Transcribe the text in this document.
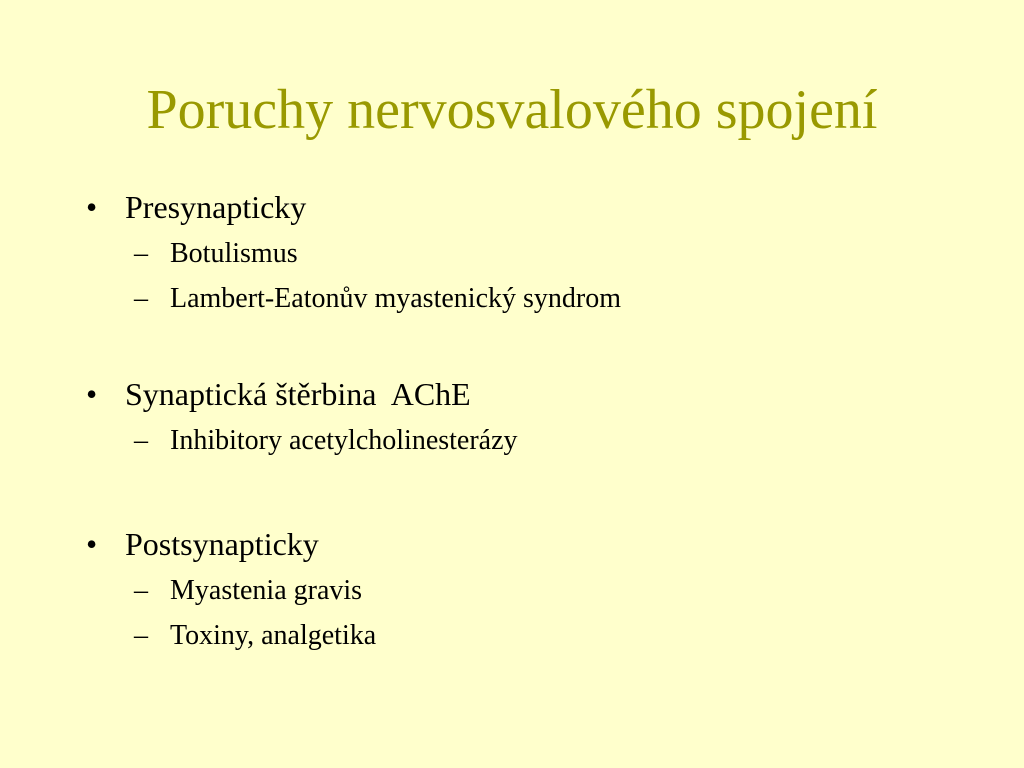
Poruchy nervosvalového spojení
• Presynapticky
– Botulismus
– Lambert-Eatonův myastenický syndrom
• Synaptická štěrbina  AChE
– Inhibitory acetylcholinesterázy
• Postsynapticky
– Myastenia gravis
– Toxiny, analgetika
